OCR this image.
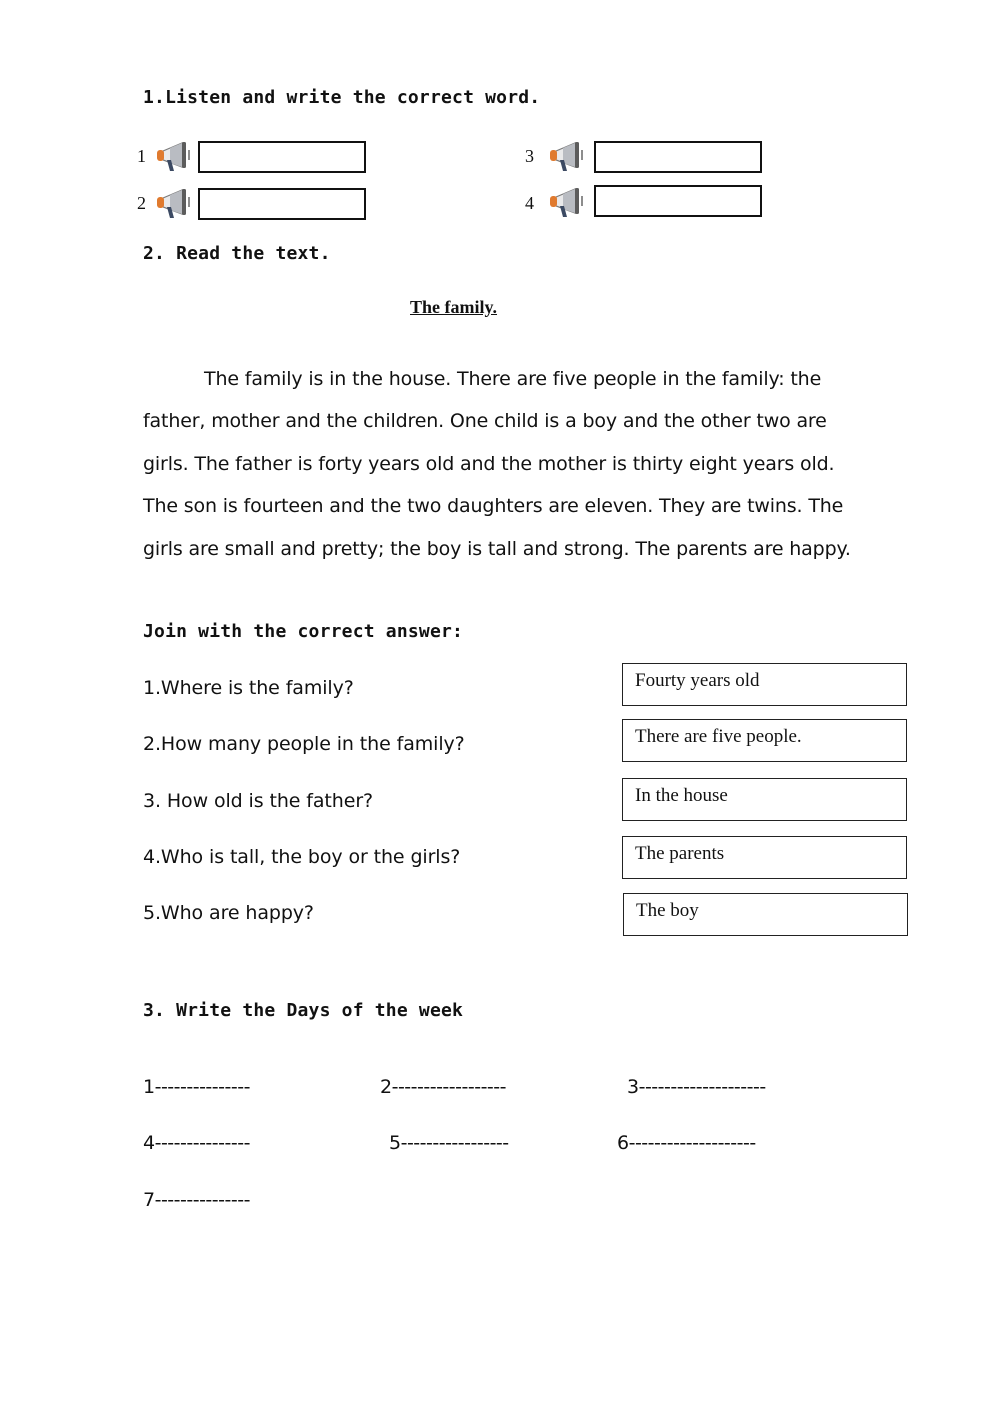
1.Listen and write the correct word.
1
2
3
4
2. Read the text.
The family.
The family is in the house. There are five people in the family: the
father, mother and the children. One child is a boy and the other two are
girls. The father is forty years old and the mother is thirty eight years old.
The son is fourteen and the two daughters are eleven. They are twins. The
girls are small and pretty; the boy is tall and strong. The parents are happy.
Join with the correct answer:
1.Where is the family?
2.How many people in the family?
3. How old is the father?
4.Who is tall, the boy or the girls?
5.Who are happy?
Fourty years old
There are five people.
In the house
The parents
The boy
3. Write the Days of the week
1---------------	2------------------	3--------------------
4---------------	5-----------------	6--------------------
7---------------
